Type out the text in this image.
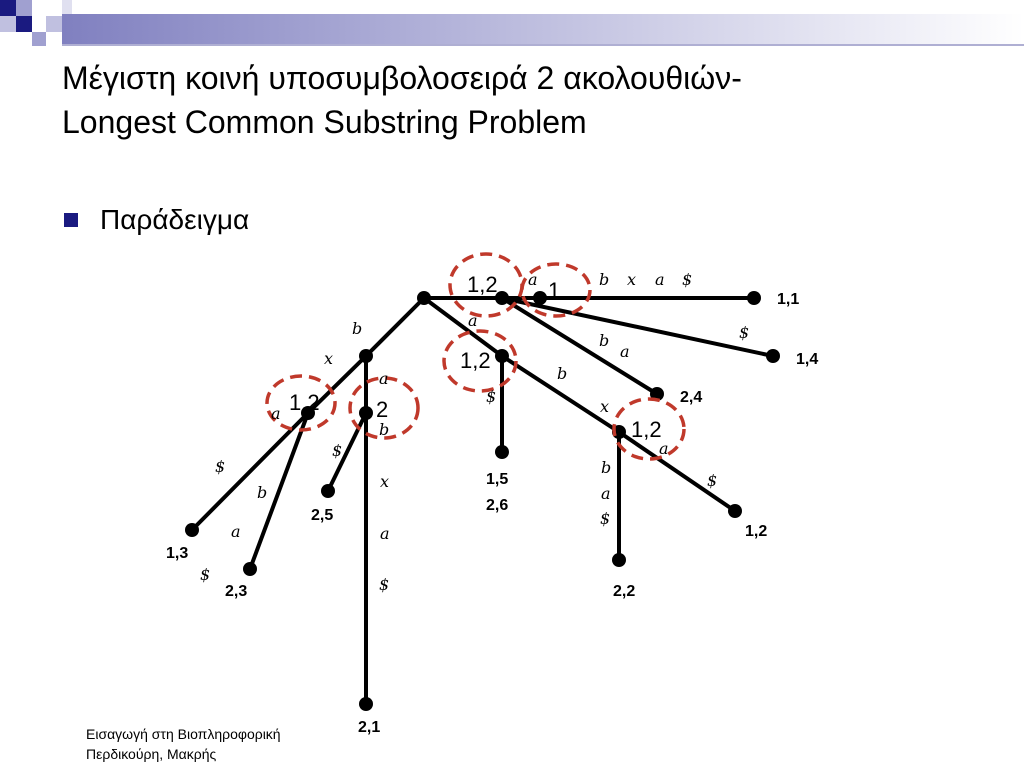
Μέγιστη κοινή υποσυμβολοσειρά 2 ακολουθιών-
Longest Common Substring Problem
Παράδειγμα
1,2 1
1,2
1,2
1,2	2
a	b x a $
$
a
b
a
$
b
x
b
a
$
a
$
b
x
a
$
b
a
$
a
$
b
x
a
$
1,1
1,4
2,4
1,5
2,6
1,2
2,2
1,3
2,3
2,5
2,1
Εισαγωγή στη Βιοπληροφορική
Περδικούρη, Μακρής
